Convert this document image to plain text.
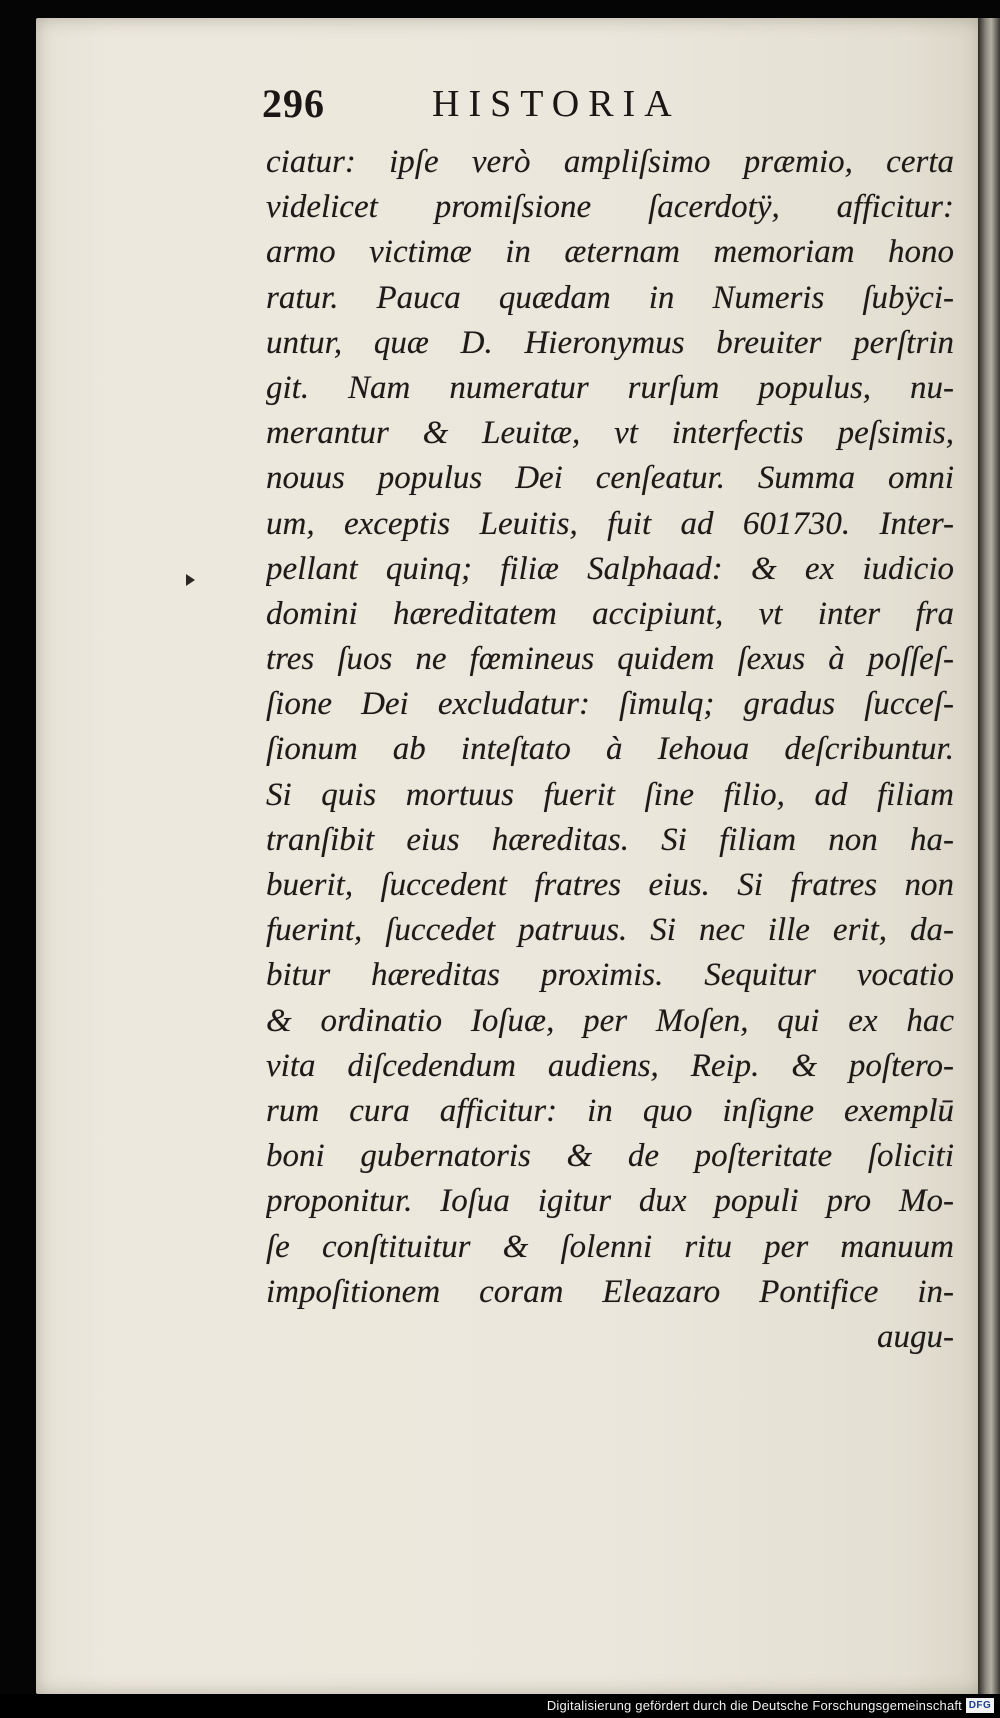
296	HISTORIA
ciatur: ipſe verò ampliſsimo præmio, certa
videlicet promiſsione ſacerdotÿ, afficitur:
armo victimæ in æternam memoriam hono
ratur. Pauca quædam in Numeris ſubÿci-
untur, quæ D. Hieronymus breuiter perſtrin
git. Nam numeratur rurſum populus, nu-
merantur & Leuitæ, vt interfectis peſsimis,
nouus populus Dei cenſeatur. Summa omni
um, exceptis Leuitis, fuit ad 601730. Inter-
pellant quinq; filiæ Salphaad: & ex iudicio
domini hæreditatem accipiunt, vt inter fra
tres ſuos ne fœmineus quidem ſexus à poſſeſ-
ſione Dei excludatur: ſimulq; gradus ſucceſ-
ſionum ab inteſtato à Iehoua deſcribuntur.
Si quis mortuus fuerit ſine filio, ad filiam
tranſibit eius hæreditas. Si filiam non ha-
buerit, ſuccedent fratres eius. Si fratres non
fuerint, ſuccedet patruus. Si nec ille erit, da-
bitur hæreditas proximis. Sequitur vocatio
& ordinatio Ioſuæ, per Moſen, qui ex hac
vita diſcedendum audiens, Reip. & poſtero-
rum cura afficitur: in quo inſigne exemplū
boni gubernatoris & de poſteritate ſoliciti
proponitur. Ioſua igitur dux populi pro Mo-
ſe conſtituitur & ſolenni ritu per manuum
impoſitionem coram Eleazaro Pontifice in-
augu-
Digitalisierung gefördert durch die Deutsche Forschungsgemeinschaft DFG
